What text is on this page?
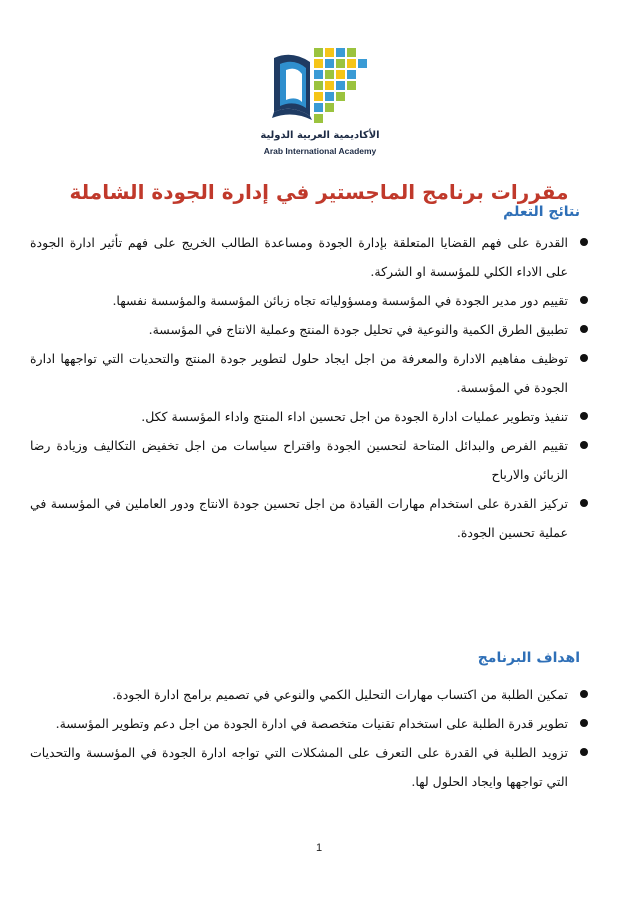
الأكاديمية العربية الدولية
Arab International Academy
مقررات برنامج الماجستير في إدارة الجودة الشاملة
نتائج التعلم
القدرة على فهم القضايا المتعلقة بإدارة الجودة ومساعدة الطالب الخريج على فهم تأثير ادارة الجودة على الاداء الكلي للمؤسسة او الشركة.
تقييم دور مدير الجودة في المؤسسة ومسؤولياته تجاه زبائن المؤسسة والمؤسسة نفسها.
تطبيق الطرق الكمية والنوعية في تحليل جودة المنتج وعملية الانتاج في المؤسسة.
توظيف مفاهيم الادارة والمعرفة من اجل ايجاد حلول لتطوير جودة المنتج والتحديات التي تواجهها ادارة الجودة في المؤسسة.
تنفيذ وتطوير عمليات ادارة الجودة من اجل تحسين اداء المنتج واداء المؤسسة ككل.
تقييم الفرص والبدائل المتاحة لتحسين الجودة واقتراح سياسات من اجل تخفيض التكاليف وزيادة رضا الزبائن والارباح
تركيز القدرة على استخدام مهارات القيادة من اجل تحسين جودة الانتاج ودور العاملين في المؤسسة في عملية تحسين الجودة.
اهداف البرنامج
تمكين الطلبة من اكتساب مهارات التحليل الكمي والنوعي في تصميم برامج ادارة الجودة.
تطوير قدرة الطلبة على استخدام تقنيات متخصصة في ادارة الجودة من اجل دعم وتطوير المؤسسة.
تزويد الطلبة في القدرة على التعرف على المشكلات التي تواجه ادارة الجودة في المؤسسة والتحديات التي تواجهها وايجاد الحلول لها.
1
